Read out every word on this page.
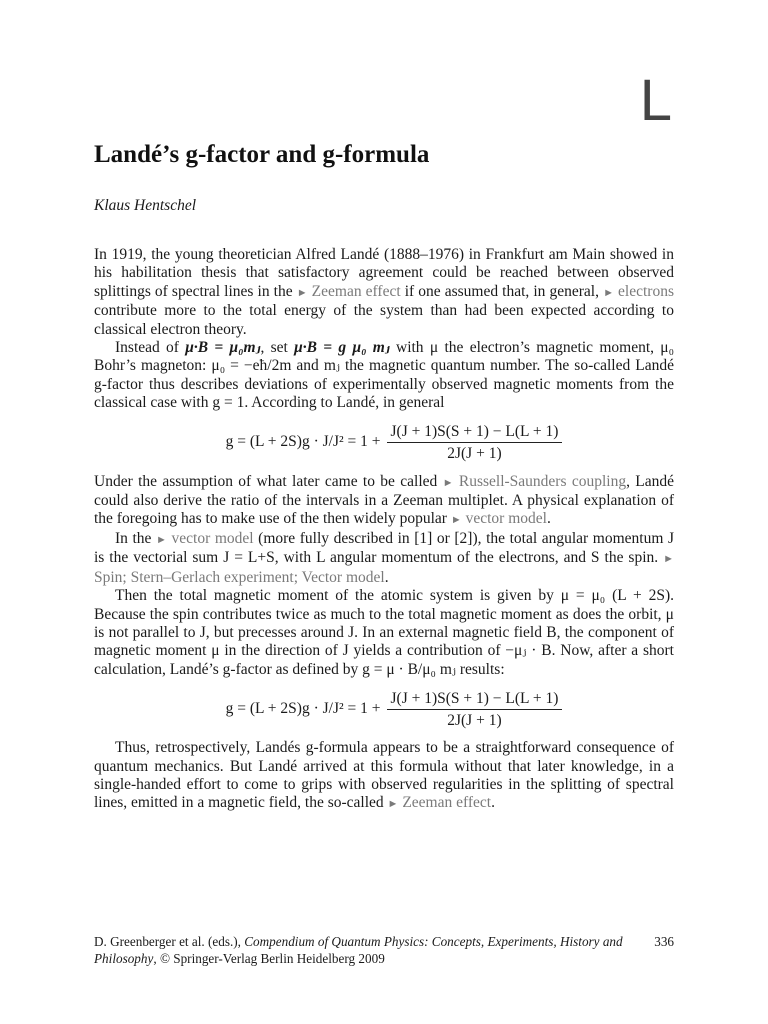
L
Landé’s g-factor and g-formula
Klaus Hentschel

In 1919, the young theoretician Alfred Landé (1888–1976) in Frankfurt am Main showed in his habilitation thesis that satisfactory agreement could be reached between observed splittings of spectral lines in the ► Zeeman effect if one assumed that, in general, ► electrons contribute more to the total energy of the system than had been expected according to classical electron theory.

Instead of μ·B = μ₀mⱼ, set μ·B = g μ₀ mⱼ with μ the electron’s magnetic moment, μ₀ Bohr’s magneton: μ₀ = −eħ/2m and mⱼ the magnetic quantum number. The so-called Landé g-factor thus describes deviations of experimentally observed magnetic moments from the classical case with g = 1. According to Landé, in general

$g = (L + 2S)g \cdot J/J^2 = 1 + \frac{J(J + 1)S(S + 1) - L(L + 1)}{2J(J + 1)}$

Under the assumption of what later came to be called ► Russell-Saunders coupling, Landé could also derive the ratio of the intervals in a Zeeman multiplet. A physical explanation of the foregoing has to make use of the then widely popular ► vector model.

In the ► vector model (more fully described in [1] or [2]), the total angular momentum J is the vectorial sum J = L+S, with L angular momentum of the electrons, and S the spin. ► Spin; Stern–Gerlach experiment; Vector model.

Then the total magnetic moment of the atomic system is given by μ = μ₀ (L + 2S). Because the spin contributes twice as much to the total magnetic moment as does the orbit, μ is not parallel to J, but precesses around J. In an external magnetic field B, the component of magnetic moment μ in the direction of J yields a contribution of −μⱼ · B. Now, after a short calculation, Landé’s g-factor as defined by g = μ · B/μ₀ mⱼ results:

$g = (L + 2S)g \cdot J/J^2 = 1 + \frac{J(J + 1)S(S + 1) - L(L + 1)}{2J(J + 1)}$

Thus, retrospectively, Landés g-formula appears to be a straightforward consequence of quantum mechanics. But Landé arrived at this formula without that later knowledge, in a single-handed effort to come to grips with observed regularities in the splitting of spectral lines, emitted in a magnetic field, the so-called ► Zeeman effect.

D. Greenberger et al. (eds.), Compendium of Quantum Physics: Concepts, Experiments, History and Philosophy, © Springer-Verlag Berlin Heidelberg 2009
336
